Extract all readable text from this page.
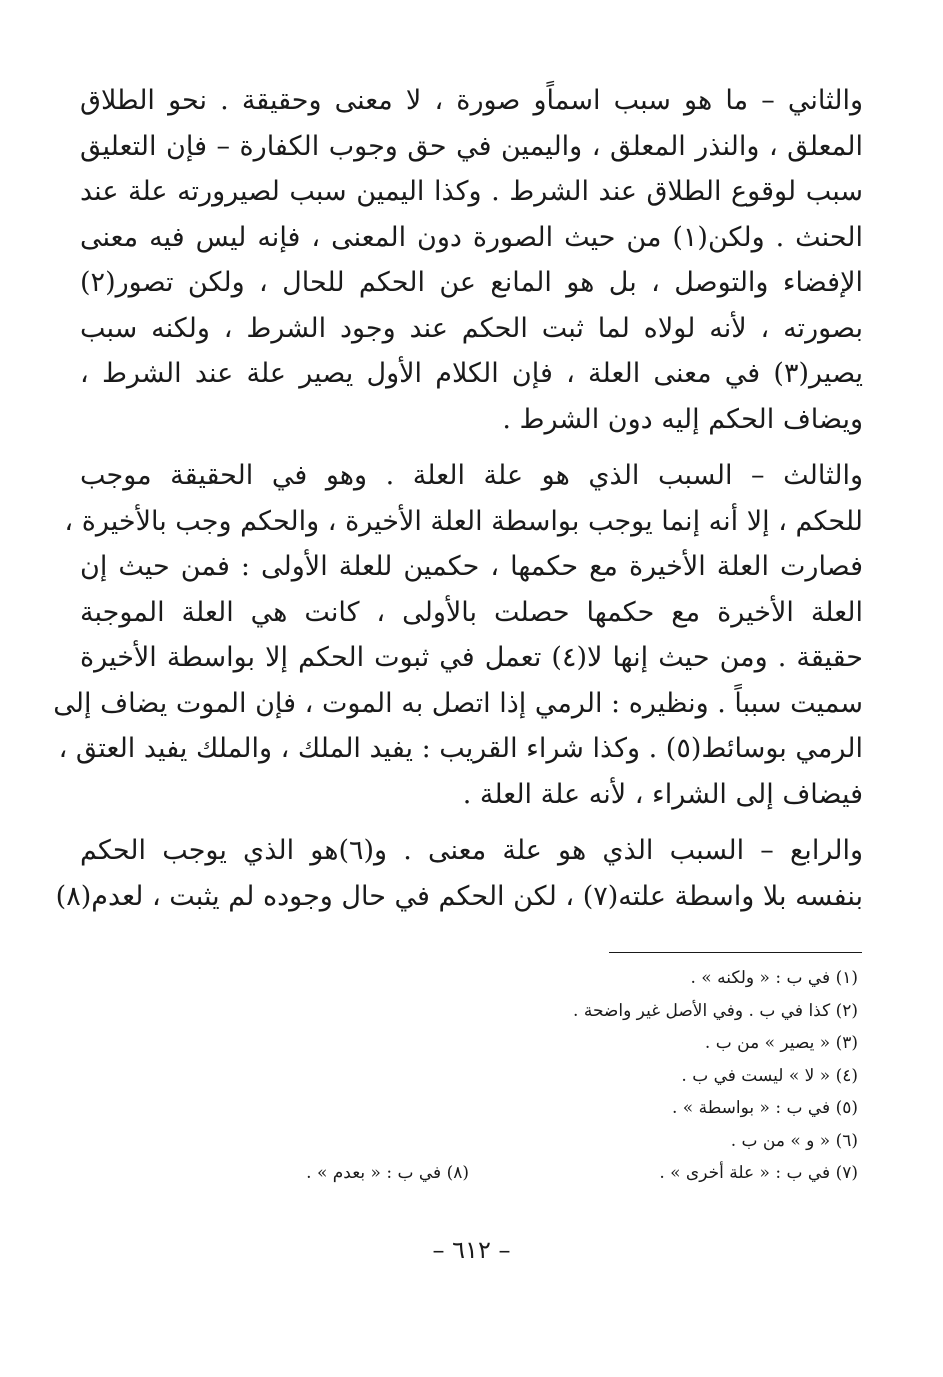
والثاني – ما هو سبب اسماً‌و صورة ، لا معنى وحقيقة . نحو الطلاق
المعلق ، والنذر المعلق ، واليمين في حق وجوب الكفارة – فإن التعليق
سبب لوقوع الطلاق عند الشرط . وكذا اليمين سبب لصيرورته علة عند
الحنث . ولكن(١) من حيث الصورة دون المعنى ، فإنه ليس فيه معنى
الإفضاء والتوصل ، بل هو المانع عن الحكم للحال ، ولكن تصور(٢)
بصورته ، لأنه لولاه لما ثبت الحكم عند وجود الشرط ، ولكنه سبب
يصير(٣) في معنى العلة ، فإن الكلام الأول يصير علة عند الشرط ،
ويضاف الحكم إليه دون الشرط .
والثالث – السبب الذي هو علة العلة . وهو في الحقيقة موجب
للحكم ، إلا أنه إنما يوجب بواسطة العلة الأخيرة ، والحكم وجب بالأخيرة ،
فصارت العلة الأخيرة مع حكمها ، حكمين للعلة الأولى : فمن حيث إن
العلة الأخيرة مع حكمها حصلت بالأولى ، كانت هي العلة الموجبة
حقيقة . ومن حيث إنها لا(٤) تعمل في ثبوت الحكم إلا بواسطة الأخيرة
سميت سبباً . ونظيره : الرمي إذا اتصل به الموت ، فإن الموت يضاف إلى
الرمي بوسائط(٥) . وكذا شراء القريب : يفيد الملك ، والملك يفيد العتق ،
فيضاف إلى الشراء ، لأنه علة العلة .
والرابع – السبب الذي هو علة معنى . و(٦)هو الذي يوجب الحكم
بنفسه بلا واسطة علته(٧) ، لكن الحكم في حال وجوده لم يثبت ، لعدم(٨)
(١) في ب : « ولكنه » .
(٢) كذا في ب . وفي الأصل غير واضحة .
(٣) « يصير » من ب .
(٤) « لا » ليست في ب .
(٥) في ب : « بواسطة » .
(٦) « و » من ب .
(٧) في ب : « علة أخرى » .
(٨) في ب : « بعدم » .
– ٦١٢ –
